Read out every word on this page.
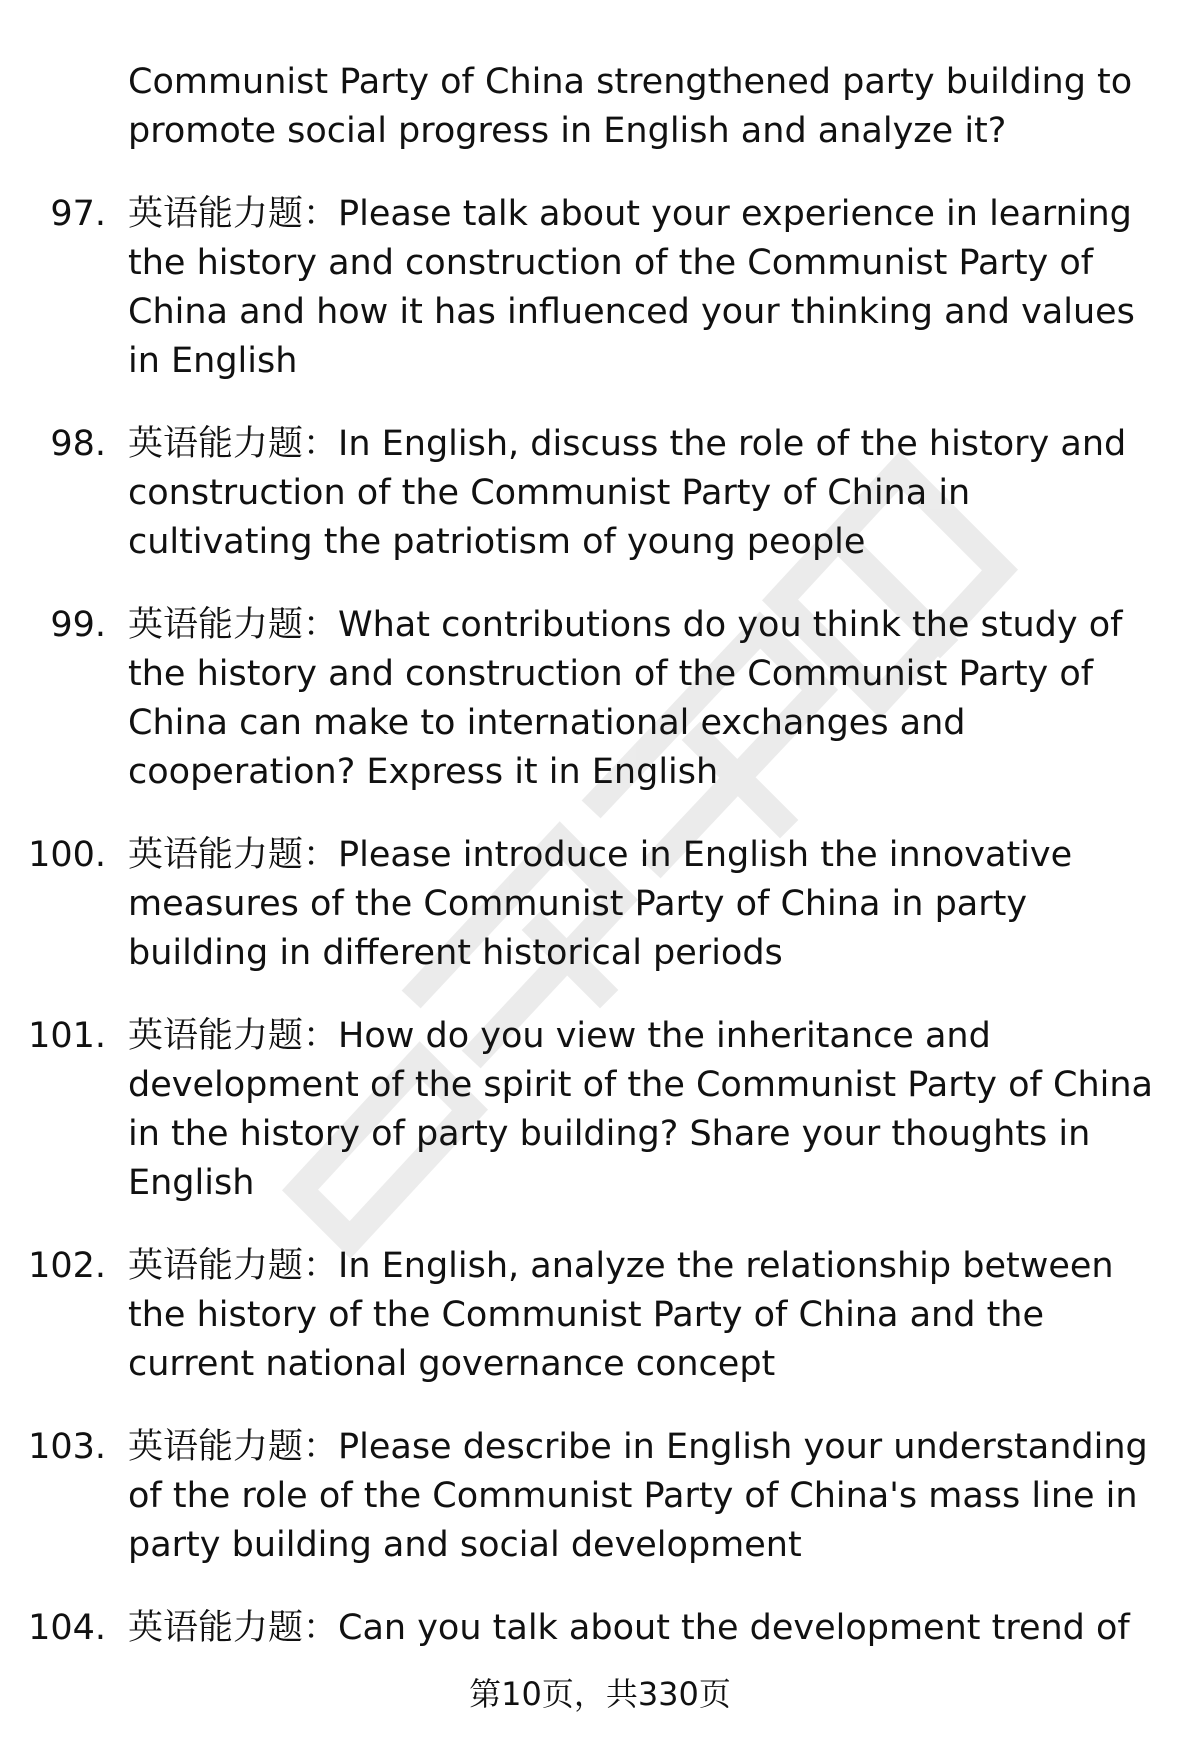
Communist Party of China strengthened party building to promote social progress in English and analyze it?
97. 英语能力题：Please talk about your experience in learning the history and construction of the Communist Party of China and how it has influenced your thinking and values in English
98. 英语能力题：In English, discuss the role of the history and construction of the Communist Party of China in cultivating the patriotism of young people
99. 英语能力题：What contributions do you think the study of the history and construction of the Communist Party of China can make to international exchanges and cooperation? Express it in English
100. 英语能力题：Please introduce in English the innovative measures of the Communist Party of China in party building in different historical periods
101. 英语能力题：How do you view the inheritance and development of the spirit of the Communist Party of China in the history of party building? Share your thoughts in English
102. 英语能力题：In English, analyze the relationship between the history of the Communist Party of China and the current national governance concept
103. 英语能力题：Please describe in English your understanding of the role of the Communist Party of China's mass line in party building and social development
104. 英语能力题：Can you talk about the development trend of
第10页，共330页
